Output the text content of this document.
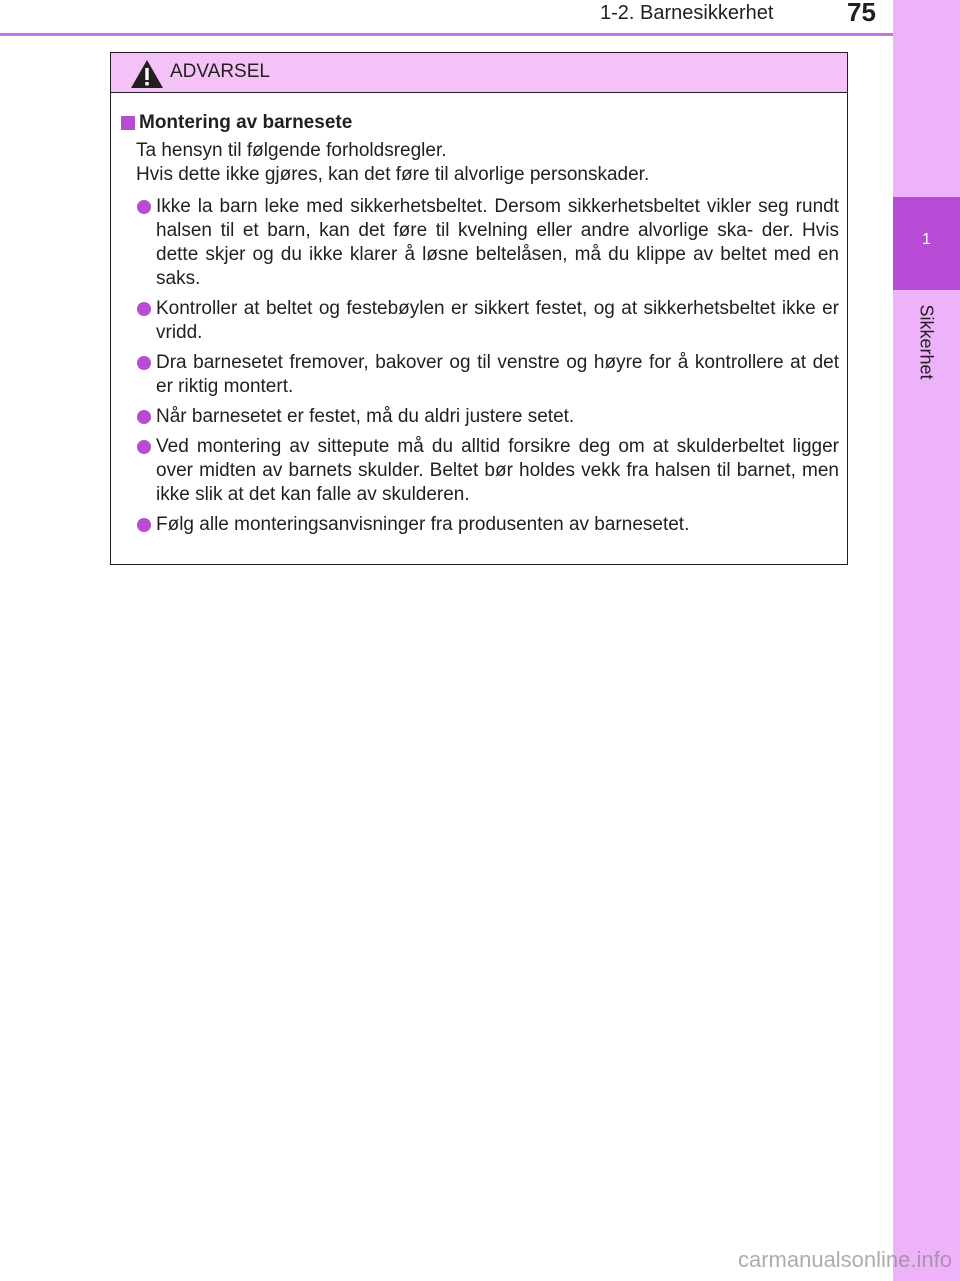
1-2. Barnesikkerhet	75
1
Sikkerhet
ADVARSEL
Montering av barnesete
Ta hensyn til følgende forholdsregler.
Hvis dette ikke gjøres, kan det føre til alvorlige personskader.
Ikke la barn leke med sikkerhetsbeltet. Dersom sikkerhetsbeltet vikler seg rundt halsen til et barn, kan det føre til kvelning eller andre alvorlige ska- der. Hvis dette skjer og du ikke klarer å løsne beltelåsen, må du klippe av beltet med en saks.
Kontroller at beltet og festebøylen er sikkert festet, og at sikkerhetsbeltet ikke er vridd.
Dra barnesetet fremover, bakover og til venstre og høyre for å kontrollere at det er riktig montert.
Når barnesetet er festet, må du aldri justere setet.
Ved montering av sittepute må du alltid forsikre deg om at skulderbeltet ligger over midten av barnets skulder. Beltet bør holdes vekk fra halsen til barnet, men ikke slik at det kan falle av skulderen.
Følg alle monteringsanvisninger fra produsenten av barnesetet.
carmanualsonline.info
